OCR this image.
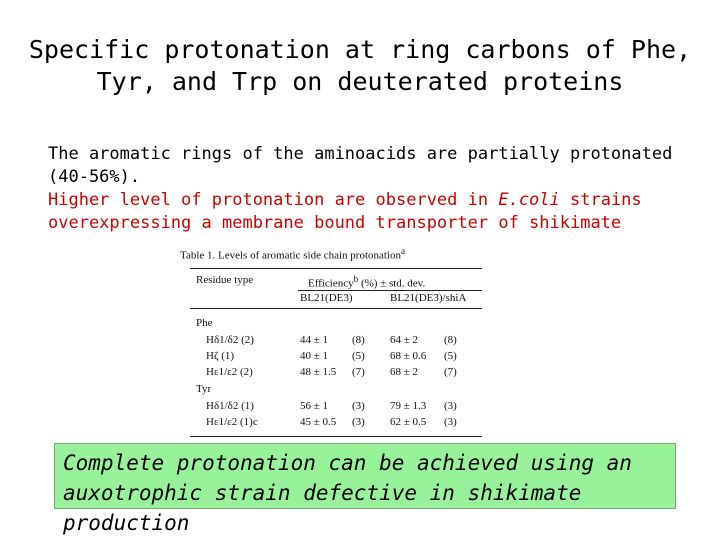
Specific protonation at ring carbons of Phe,
Tyr, and Trp on deuterated proteins
The aromatic rings of the aminoacids are partially protonated
(40-56%).
Higher level of protonation are observed in E.coli strains
overexpressing a membrane bound transporter of shikimate
Table 1. Levels of aromatic side chain protonation$^a$
Residue type	Efficiency$^b$ (%) ± std. dev.
BL21(DE3)	BL21(DE3)/shiA
Phe
Hδ1/δ2 (2)	44 ± 1 (8) 64 ± 2 (8)
Hζ (1)	40 ± 1 (5) 68 ± 0.6 (5)
Hε1/ε2 (2)	48 ± 1.5 (7) 68 ± 2 (7)
Tyr
Hδ1/δ2 (1)	56 ± 1 (3) 79 ± 1.3 (3)
Hε1/ε2 (1)c	45 ± 0.5 (3) 62 ± 0.5 (3)
Complete protonation can be achieved using an
auxotrophic strain defective in shikimate production
